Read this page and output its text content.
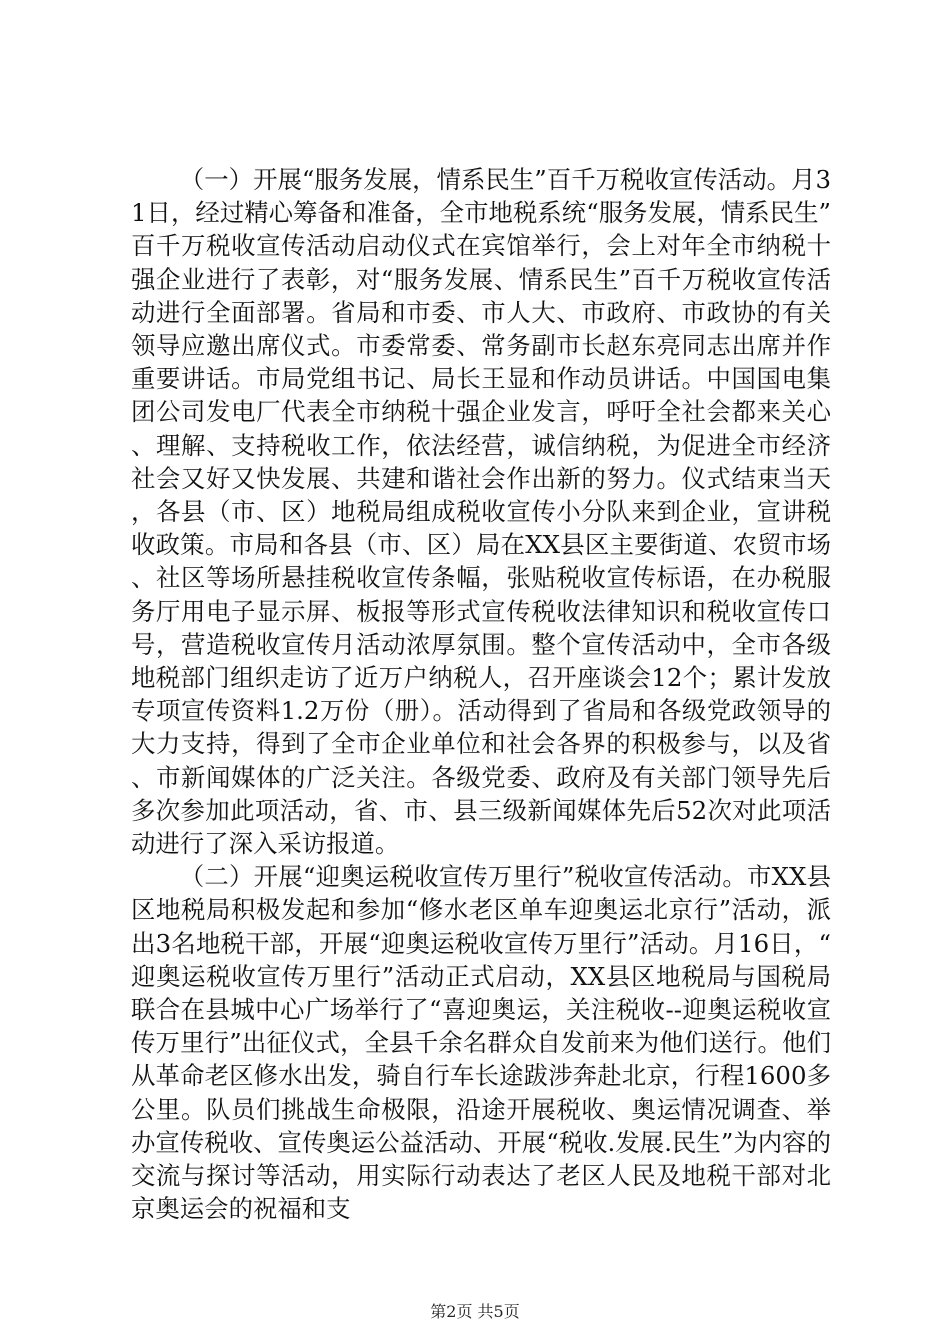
（一）开展“服务发展，情系民生”百千万税收宣传活动。月31日，经过精心筹备和准备，全市地税系统“服务发展，情系民生”百千万税收宣传活动启动仪式在宾馆举行，会上对年全市纳税十强企业进行了表彰，对“服务发展、情系民生”百千万税收宣传活动进行全面部署。省局和市委、市人大、市政府、市政协的有关领导应邀出席仪式。市委常委、常务副市长赵东亮同志出席并作重要讲话。市局党组书记、局长王显和作动员讲话。中国国电集团公司发电厂代表全市纳税十强企业发言，呼吁全社会都来关心、理解、支持税收工作，依法经营，诚信纳税，为促进全市经济社会又好又快发展、共建和谐社会作出新的努力。仪式结束当天，各县（市、区）地税局组成税收宣传小分队来到企业，宣讲税收政策。市局和各县（市、区）局在XX县区主要街道、农贸市场、社区等场所悬挂税收宣传条幅，张贴税收宣传标语，在办税服务厅用电子显示屏、板报等形式宣传税收法律知识和税收宣传口号，营造税收宣传月活动浓厚氛围。整个宣传活动中，全市各级地税部门组织走访了近万户纳税人，召开座谈会12个；累计发放专项宣传资料1.2万份（册）。活动得到了省局和各级党政领导的大力支持，得到了全市企业单位和社会各界的积极参与，以及省、市新闻媒体的广泛关注。各级党委、政府及有关部门领导先后多次参加此项活动，省、市、县三级新闻媒体先后52次对此项活动进行了深入采访报道。

（二）开展“迎奥运税收宣传万里行”税收宣传活动。市XX县区地税局积极发起和参加“修水老区单车迎奥运北京行”活动，派出3名地税干部，开展“迎奥运税收宣传万里行”活动。月16日，“迎奥运税收宣传万里行”活动正式启动，XX县区地税局与国税局联合在县城中心广场举行了“喜迎奥运，关注税收--迎奥运税收宣传万里行”出征仪式，全县千余名群众自发前来为他们送行。他们从革命老区修水出发，骑自行车长途跋涉奔赴北京，行程1600多公里。队员们挑战生命极限，沿途开展税收、奥运情况调查、举办宣传税收、宣传奥运公益活动、开展“税收.发展.民生”为内容的交流与探讨等活动，用实际行动表达了老区人民及地税干部对北京奥运会的祝福和支

第2页 共5页
